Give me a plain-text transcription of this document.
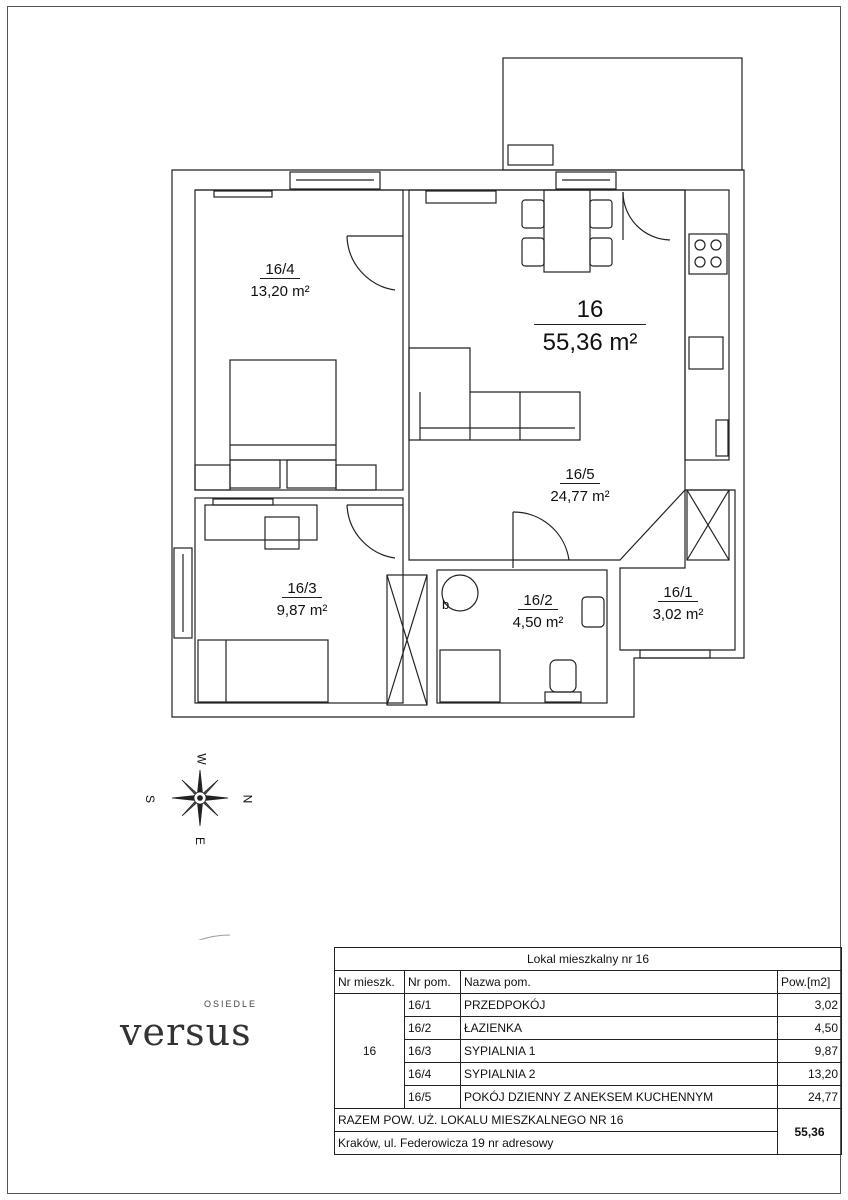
16
55,36 m²
16/4
13,20 m²
16/5
24,77 m²
16/3
9,87 m²
16/2
4,50 m²
16/1
3,02 m²
b
W
E
S	N
OSIEDLE
versus
Lokal mieszkalny nr 16			
Nr mieszk.	Nr pom.	Nazwa pom.	Pow.[m2]
16	16/1	PRZEDPOKÓJ	3,02
	16/2	ŁAZIENKA	4,50
	16/3	SYPIALNIA 1	9,87
	16/4	SYPIALNIA 2	13,20
	16/5	POKÓJ DZIENNY Z ANEKSEM KUCHENNYM	24,77
RAZEM POW. UŻ. LOKALU MIESZKALNEGO NR 16			55,36
Kraków, ul. Federowicza 19 nr adresowy			
